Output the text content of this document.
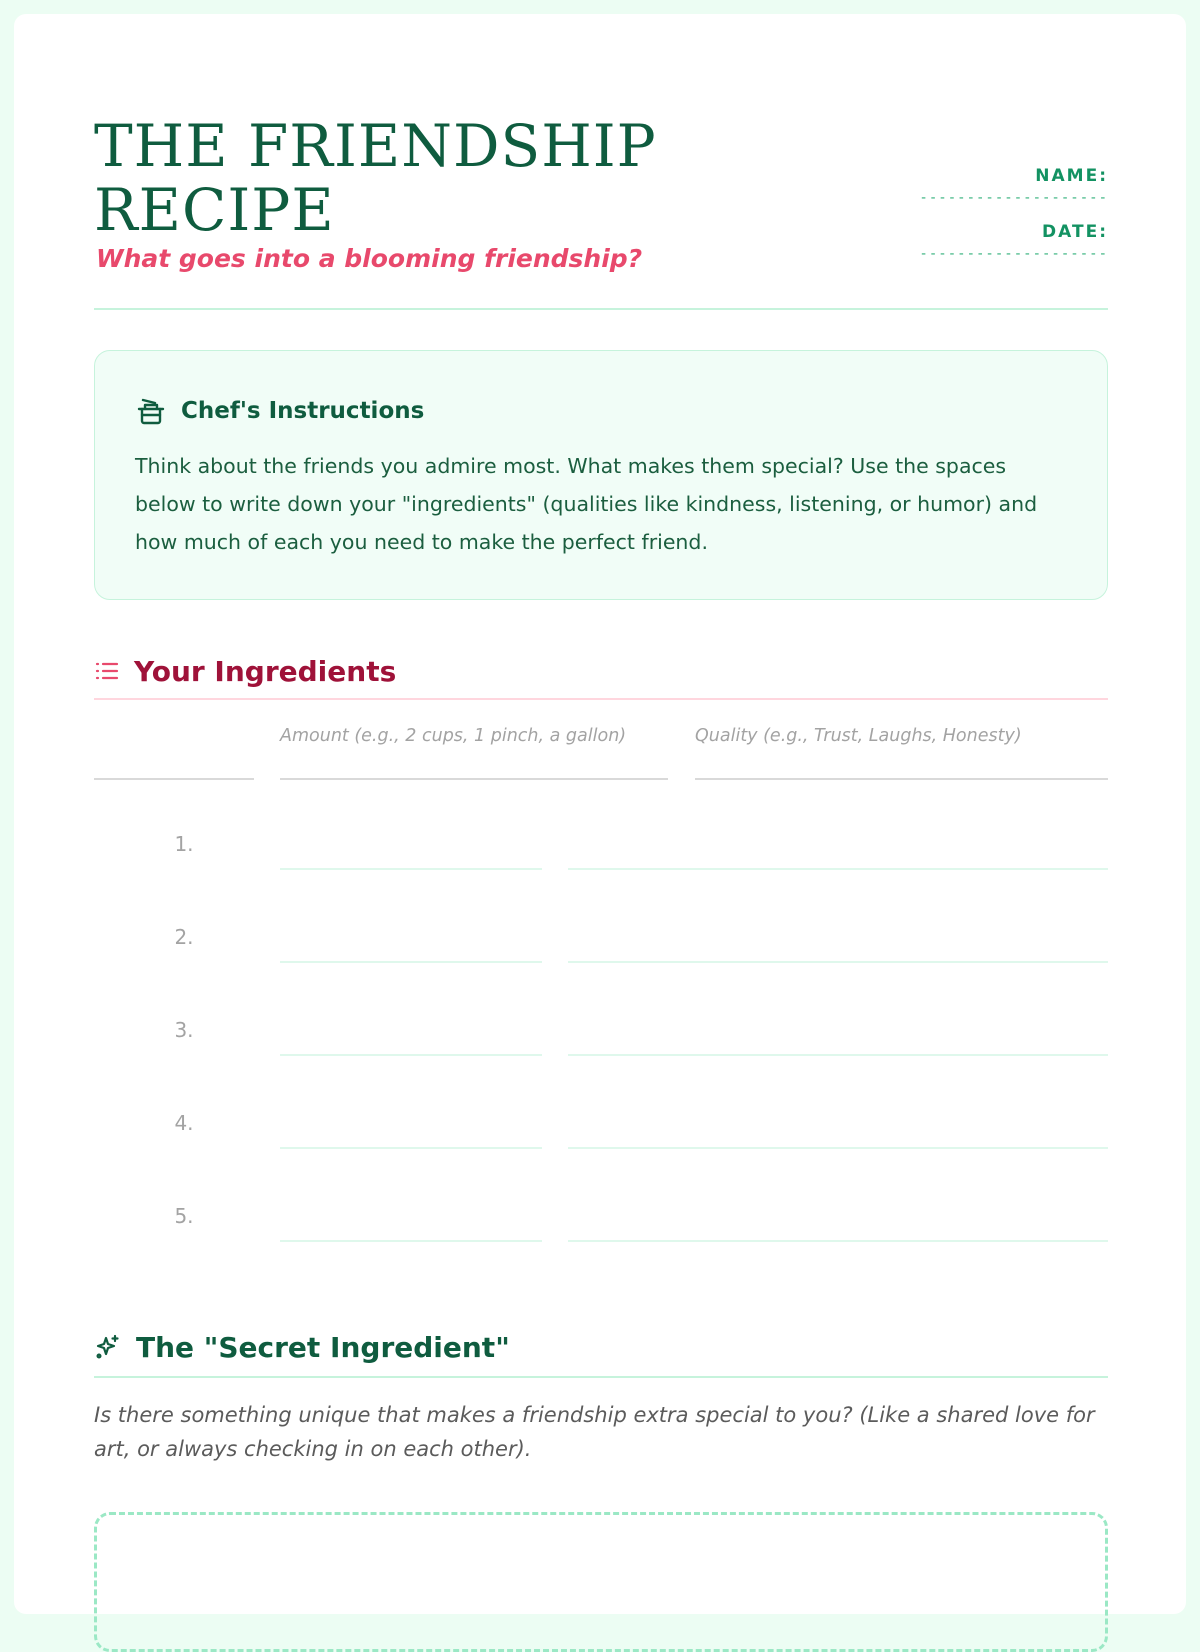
THE FRIENDSHIP RECIPE
What goes into a blooming friendship?
NAME:
--------------------
DATE:
--------------------
Chef's Instructions

Think about the friends you admire most. What makes them special? Use the spaces below to write down your "ingredients" (qualities like kindness, listening, or humor) and how much of each you need to make the perfect friend.

Your Ingredients
Amount (e.g., 2 cups, 1 pinch, a gallon)	Quality (e.g., Trust, Laughs, Honesty)
1.
2.
3.
4.
5.
The "Secret Ingredient"

Is there something unique that makes a friendship extra special to you? (Like a shared love for art, or always checking in on each other).
